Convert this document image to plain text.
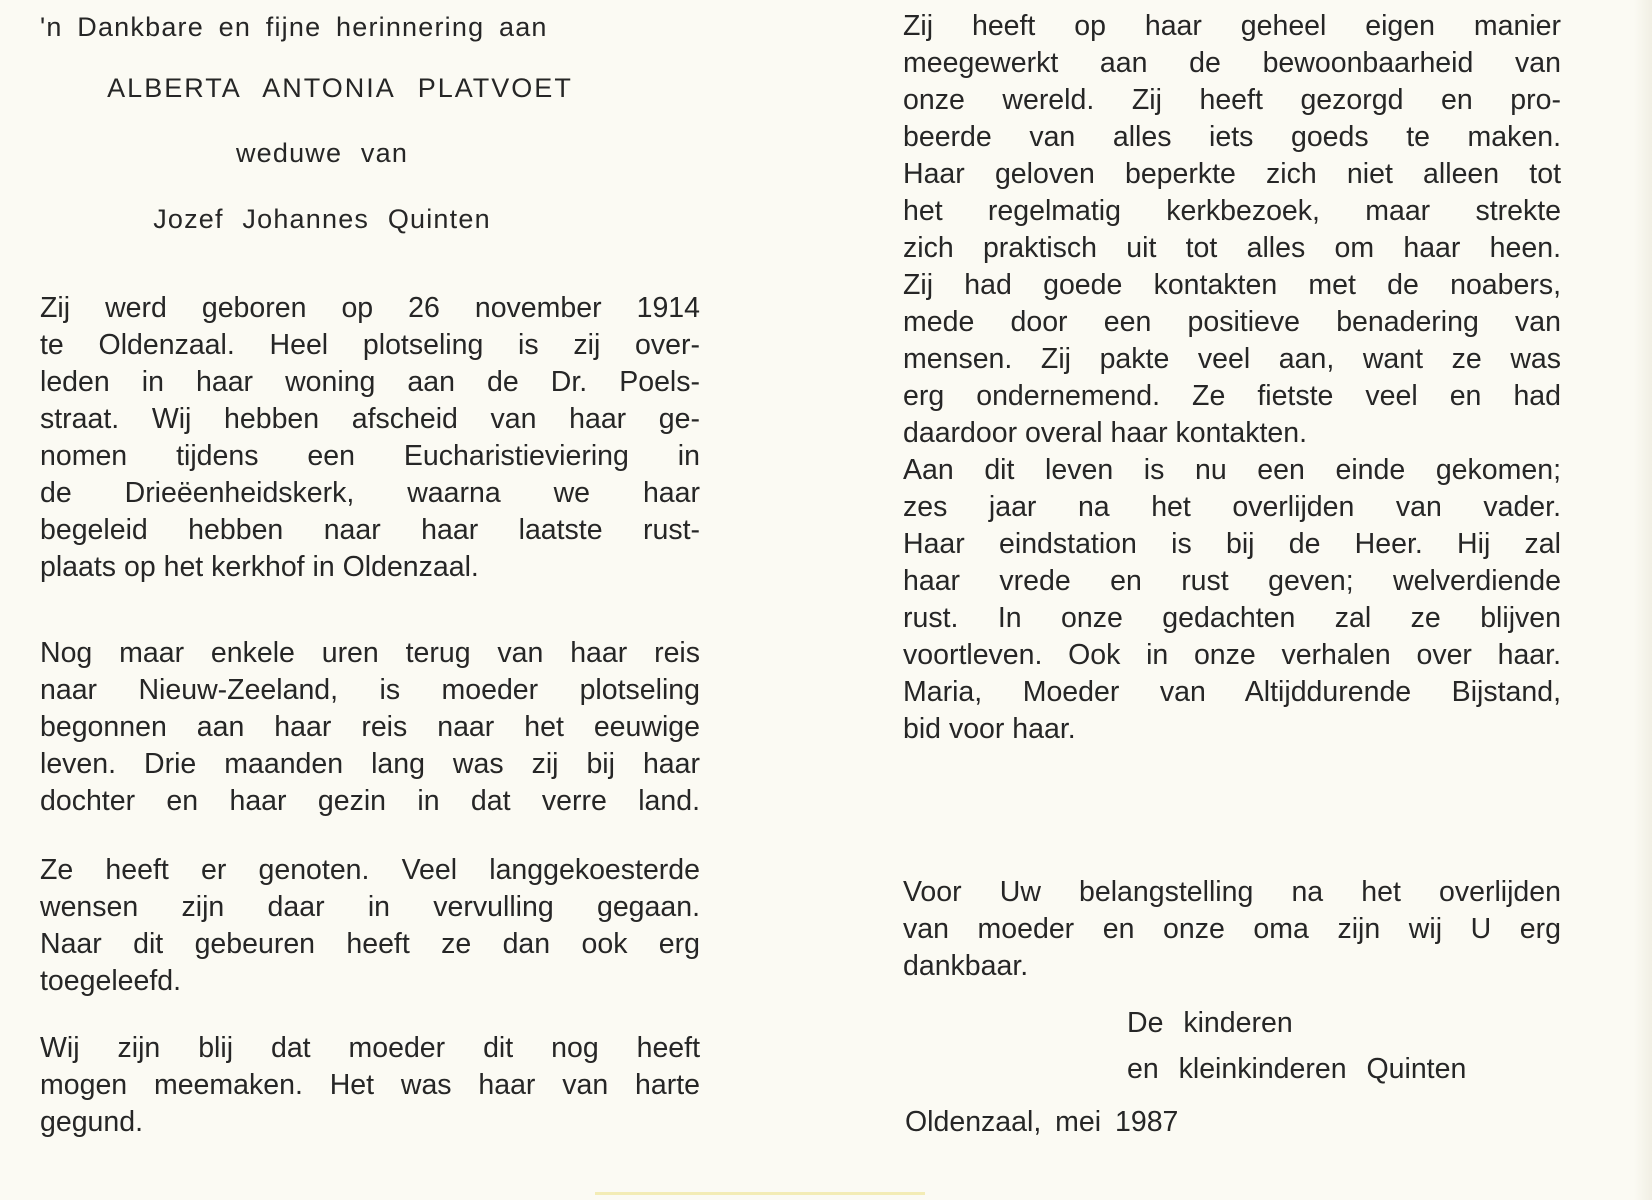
'n Dankbare en fijne herinnering aan
ALBERTA ANTONIA PLATVOET
weduwe van
Jozef Johannes Quinten
Zij werd geboren op 26 november 1914
te Oldenzaal. Heel plotseling is zij over-
leden in haar woning aan de Dr. Poels-
straat. Wij hebben afscheid van haar ge-
nomen tijdens een Eucharistieviering in
de Drieëenheidskerk, waarna we haar
begeleid hebben naar haar laatste rust-
plaats op het kerkhof in Oldenzaal.
Nog maar enkele uren terug van haar reis
naar Nieuw-Zeeland, is moeder plotseling
begonnen aan haar reis naar het eeuwige
leven. Drie maanden lang was zij bij haar
dochter en haar gezin in dat verre land.
Ze heeft er genoten. Veel langgekoesterde
wensen zijn daar in vervulling gegaan.
Naar dit gebeuren heeft ze dan ook erg
toegeleefd.
Wij zijn blij dat moeder dit nog heeft
mogen meemaken. Het was haar van harte
gegund.
Zij heeft op haar geheel eigen manier
meegewerkt aan de bewoonbaarheid van
onze wereld. Zij heeft gezorgd en pro-
beerde van alles iets goeds te maken.
Haar geloven beperkte zich niet alleen tot
het regelmatig kerkbezoek, maar strekte
zich praktisch uit tot alles om haar heen.
Zij had goede kontakten met de noabers,
mede door een positieve benadering van
mensen. Zij pakte veel aan, want ze was
erg ondernemend. Ze fietste veel en had
daardoor overal haar kontakten.
Aan dit leven is nu een einde gekomen;
zes jaar na het overlijden van vader.
Haar eindstation is bij de Heer. Hij zal
haar vrede en rust geven; welverdiende
rust. In onze gedachten zal ze blijven
voortleven. Ook in onze verhalen over haar.
Maria, Moeder van Altijddurende Bijstand,
bid voor haar.
Voor Uw belangstelling na het overlijden
van moeder en onze oma zijn wij U erg
dankbaar.
De kinderen
en kleinkinderen Quinten
Oldenzaal, mei 1987
